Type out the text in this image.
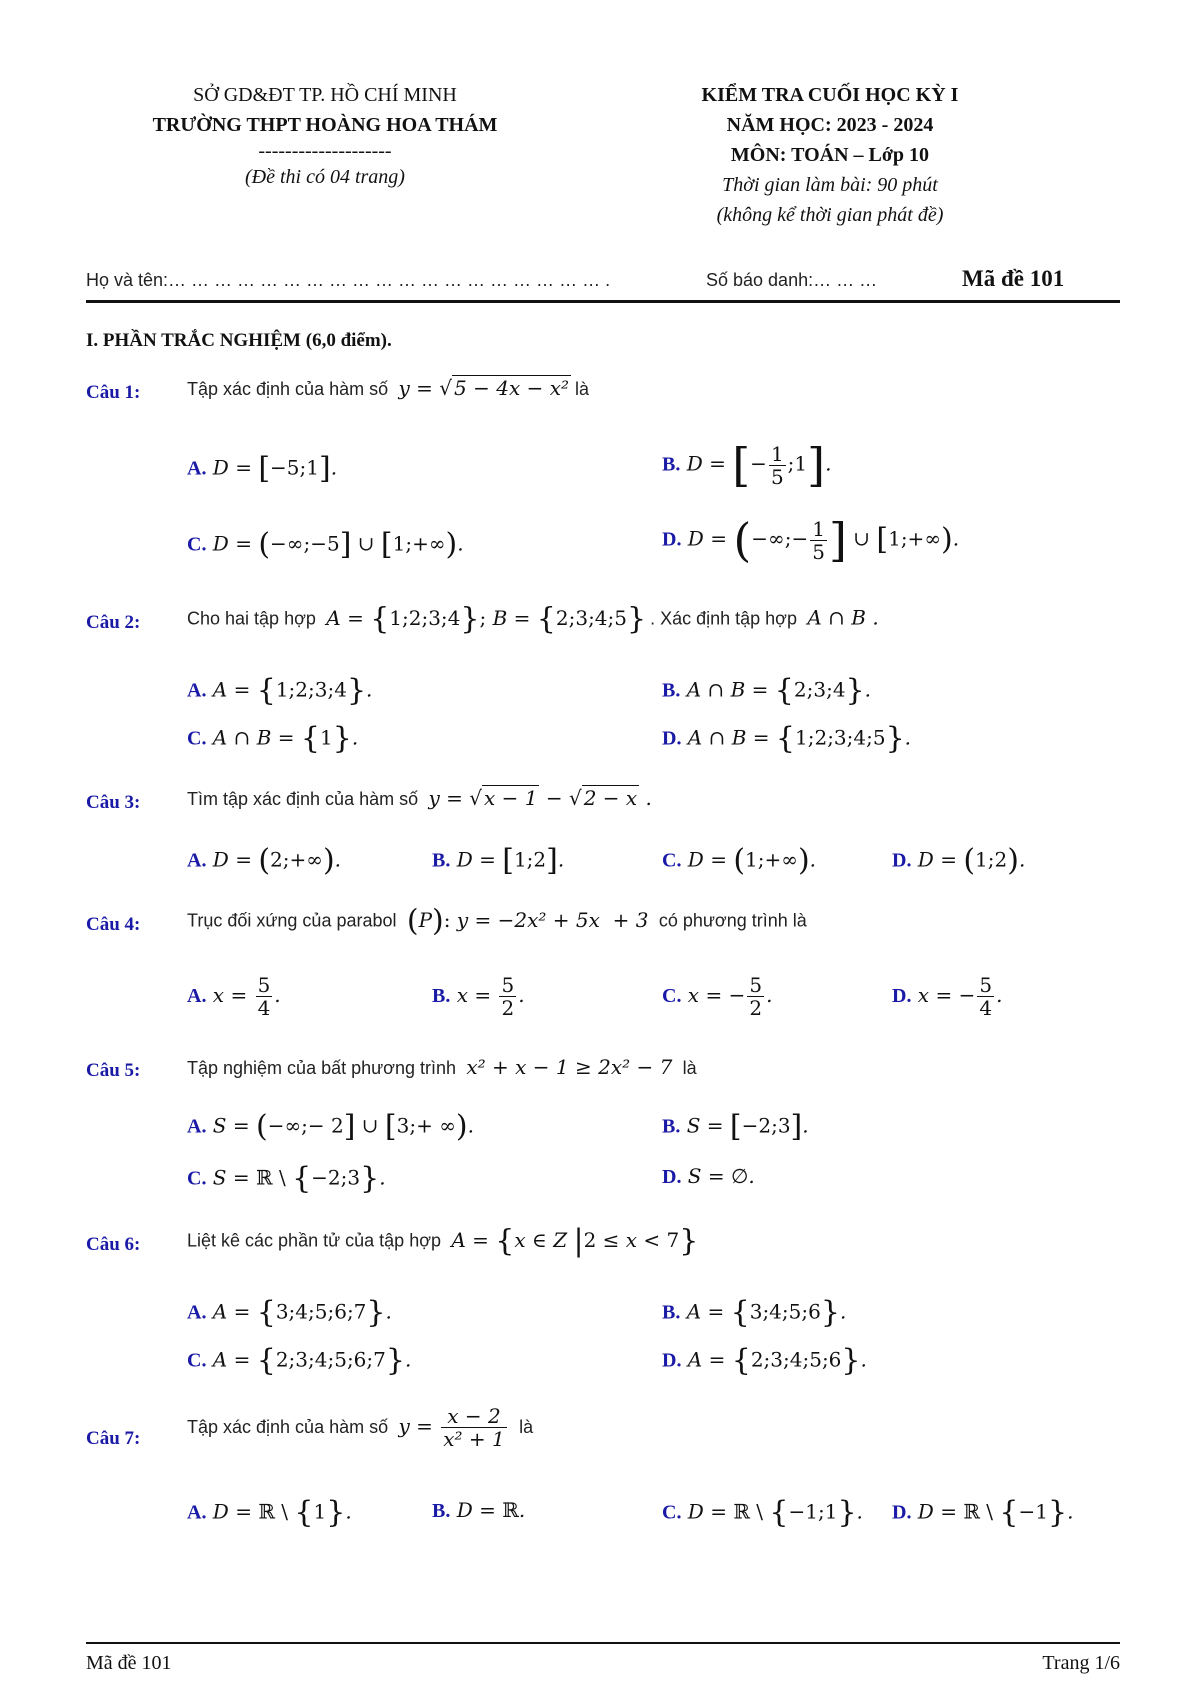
SỞ GD&ĐT TP. HỒ CHÍ MINH
TRƯỜNG THPT HOÀNG HOA THÁM
--------------------
(Đề thi có 04 trang)
KIỂM TRA CUỐI HỌC KỲ I
NĂM HỌC: 2023 - 2024
MÔN: TOÁN – Lớp 10
Thời gian làm bài: 90 phút
(không kể thời gian phát đề)
Họ và tên:… … … … … … … … … … … … … … … … … … … .	Số báo danh:… … …	Mã đề 101
I. PHẦN TRẮC NGHIỆM (6,0 điểm).
Câu 1:	Tập xác định của hàm số  y = √ 5 − 4x − x² là
A. D = [−5;1].	B. D = [− $\frac{1}{5}$ ;1].
C. D = (−∞;−5] ∪ [1;+∞).	D. D = (−∞;− $\frac{1}{5}$ ] ∪ [1;+∞).
Câu 2:	Cho hai tập hợp  A = {1;2;3;4}; B = {2;3;4;5} . Xác định tập hợp  A ∩ B .
A. A = {1;2;3;4}.	B. A ∩ B = {2;3;4}.
C. A ∩ B = {1}.	D. A ∩ B = {1;2;3;4;5}.
Câu 3:	Tìm tập xác định của hàm số  y = √ x − 1 − √ 2 − x .
A. D = (2;+∞).	B. D = [1;2].	C. D = (1;+∞).	D. D = (1;2).
Câu 4:	Trục đối xứng của parabol (P): y = −2x² + 5x  + 3  có phương trình là
A. $x = \frac{5}{4}$ .	B. $x = \frac{5}{2}$ .	C. x = − $\frac{5}{2}$ .	D. x = − $\frac{5}{4}$ .
Câu 5:	Tập nghiệm của bất phương trình  x² + x − 1 ≥ 2x² − 7  là
A. S = (−∞;− 2] ∪ [3;+ ∞).	B. S = [−2;3].
C. S = ℝ \ {−2;3}.	D. S = ∅.
Câu 6:	Liệt kê các phần tử của tập hợp  A = {x ∈ Z |2 ≤ x < 7}
A. A = {3;4;5;6;7}.	B. A = {3;4;5;6}.
C. A = {2;3;4;5;6;7}.	D. A = {2;3;4;5;6}.
Câu 7:
Tập xác định của hàm số  $y = \frac{x - 2}{\text{x² + 1}}$ là
A. D = ℝ \ {1}.	B. D = ℝ.	C. D = ℝ \ {−1;1}. D. D = ℝ \ {−1}.
Mã đề 101	Trang 1/6
